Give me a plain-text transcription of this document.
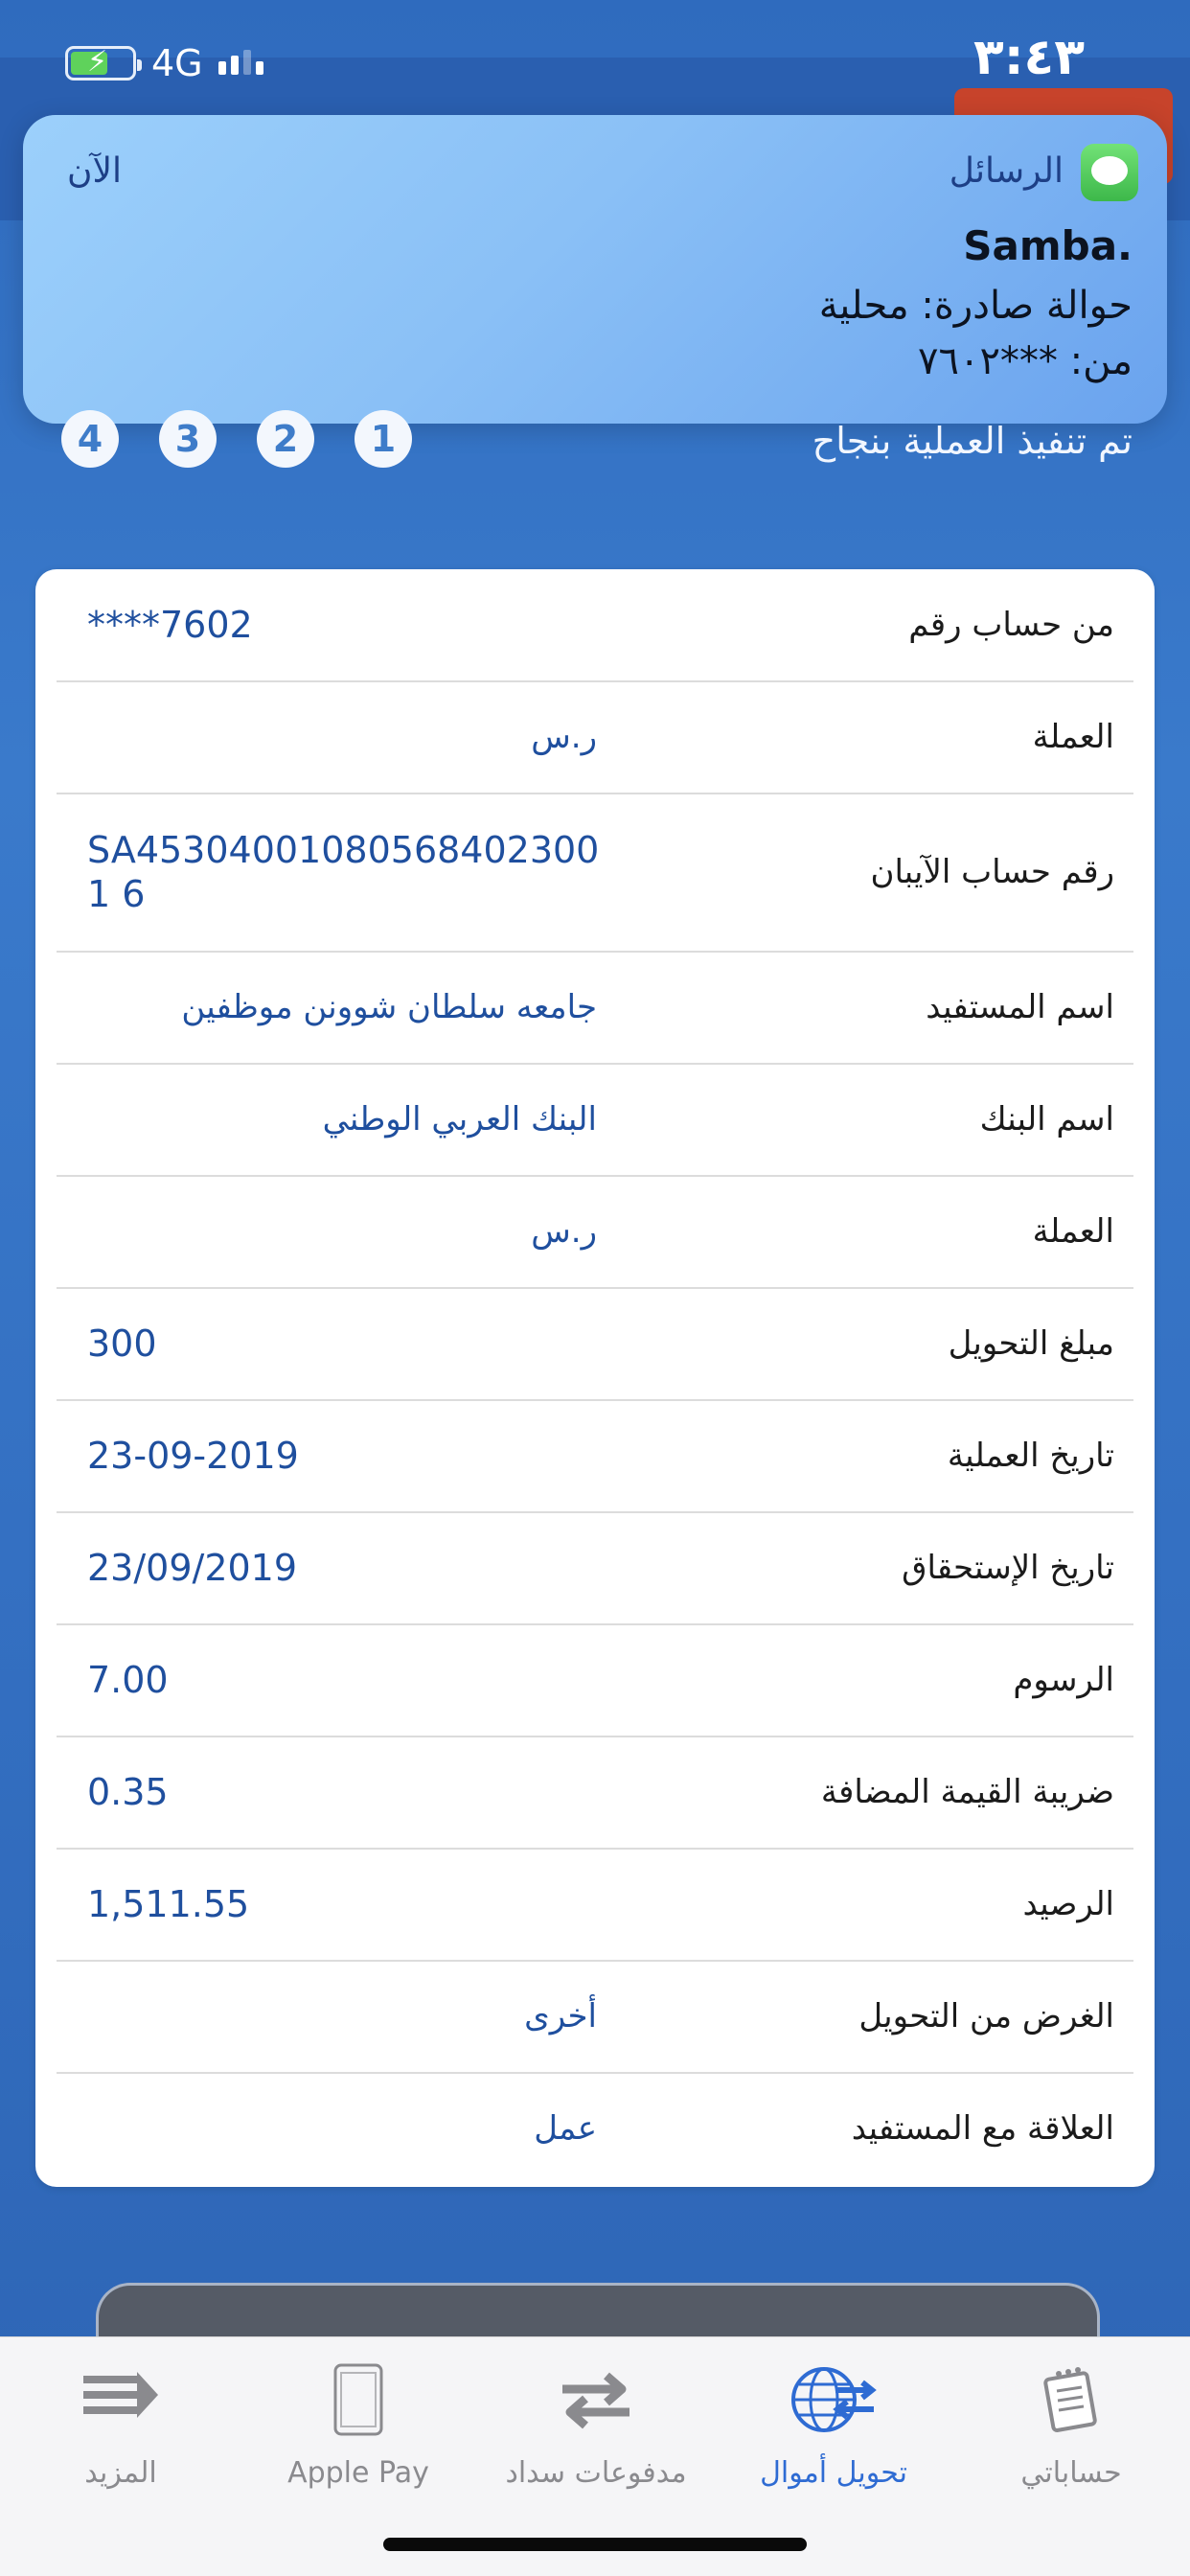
⚡ 4G	٣:٤٣
الرسائل
الآن
Samba.
حوالة صادرة: محلية
من: ***٧٦٠٢
4	3	2	1	تم تنفيذ العملية بنجاح
من حساب رقم
****7602
العملة
ر.س
رقم حساب الآيبان
SA453040010805684023001 6
اسم المستفيد
جامعه سلطان شوونن موظفين
اسم البنك
البنك العربي الوطني
العملة
ر.س
مبلغ التحويل
300
تاريخ العملية
23-09-2019
تاريخ الإستحقاق
23/09/2019
الرسوم
7.00
ضريبة القيمة المضافة
0.35
الرصيد
1,511.55
الغرض من التحويل
أخرى
العلاقة مع المستفيد
عمل
حساباتي
تحويل أموال
مدفوعات سداد
Apple Pay
المزيد
